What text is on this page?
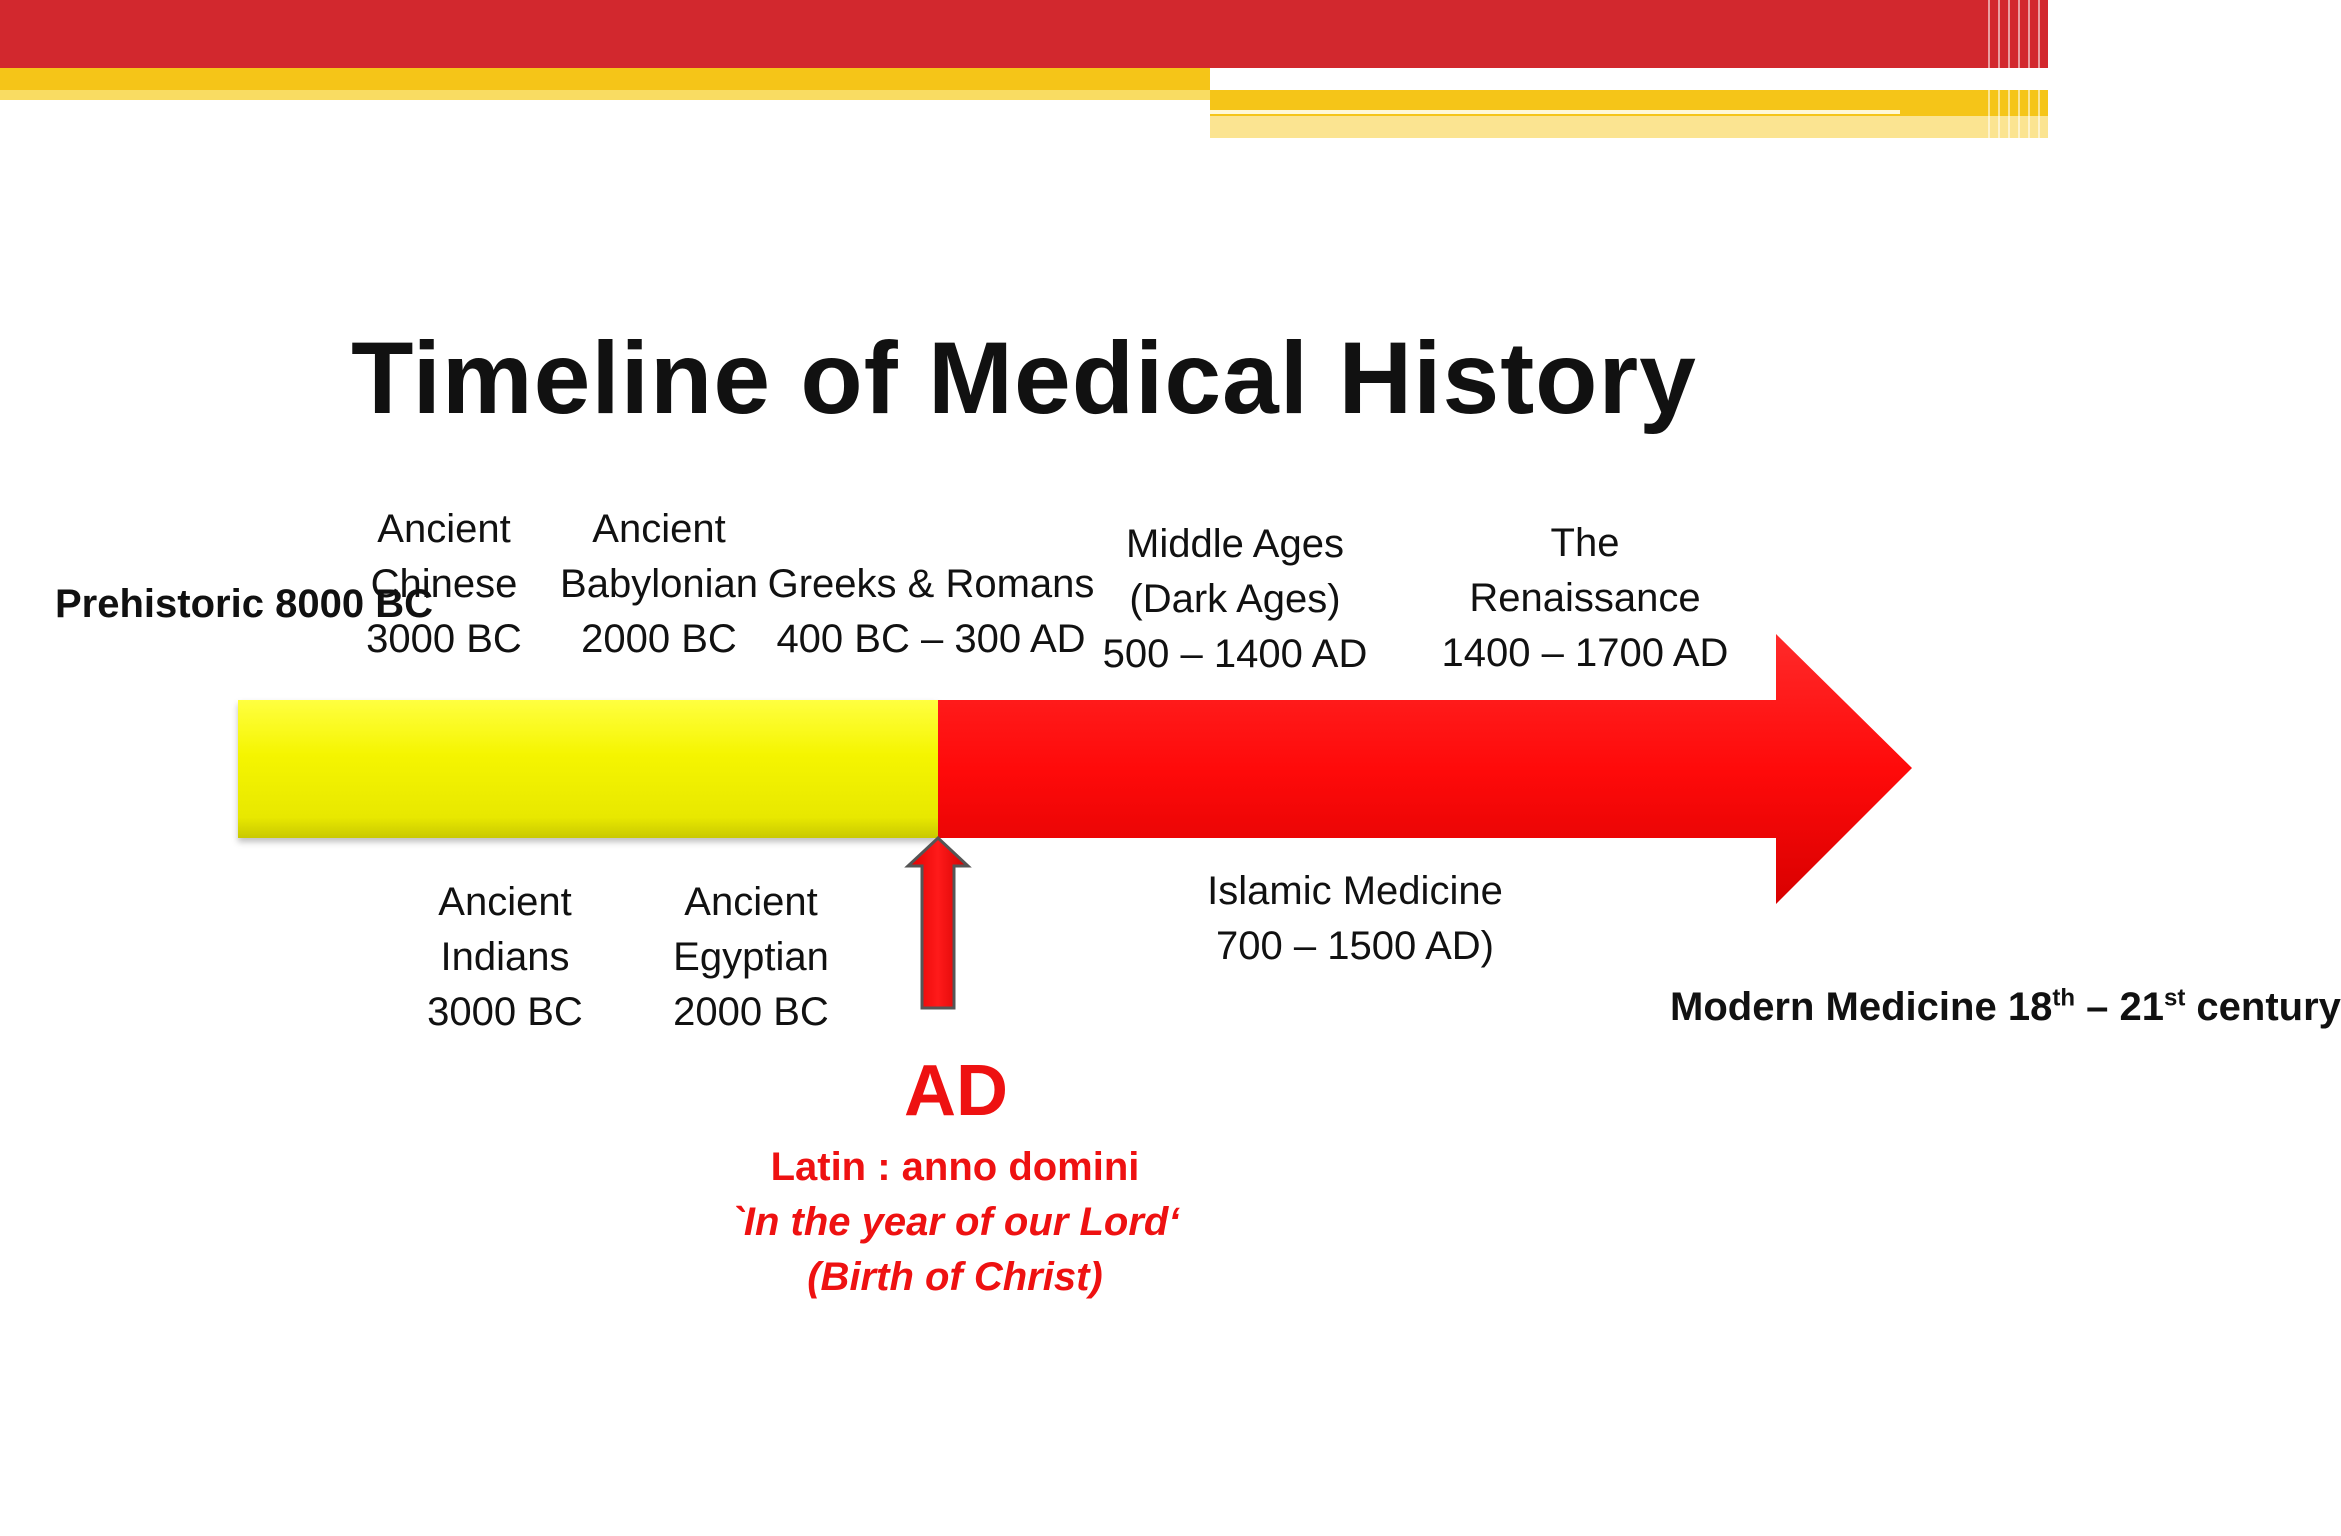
Timeline of Medical History
Prehistoric 8000 BC
Ancient
Chinese
3000 BC
Ancient
Babylonian
2000 BC
Greeks & Romans
400 BC – 300 AD
Middle Ages
(Dark Ages)
500 – 1400 AD
The
Renaissance
1400 – 1700 AD
Ancient
Indians
3000 BC
Ancient
Egyptian
2000 BC
Islamic Medicine
700 – 1500 AD)
Modern Medicine 18th – 21st century
AD
Latin : anno domini
`In the year of our Lord‘
(Birth of Christ)
